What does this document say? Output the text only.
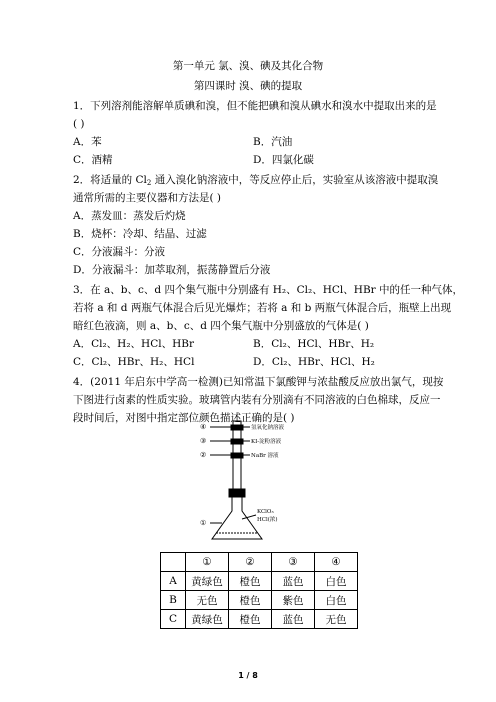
第一单元 氯、溴、碘及其化合物
第四课时 溴、碘的提取
1．下列溶剂能溶解单质碘和溴，但不能把碘和溴从碘水和溴水中提取出来的是
( )
A．苯	B．汽油
C．酒精	D．四氯化碳
2．将适量的 $Cl_2$ 通入溴化钠溶液中，等反应停止后，实验室从该溶液中提取溴
通常所需的主要仪器和方法是( )
A．蒸发皿：蒸发后灼烧
B．烧杯：冷却、结晶、过滤
C．分液漏斗：分液
D．分液漏斗：加萃取剂，振荡静置后分液
3．在 a、b、c、d 四个集气瓶中分别盛有 H₂、Cl₂、HCl、HBr 中的任一种气体，
若将 a 和 d 两瓶气体混合后见光爆炸；若将 a 和 b 两瓶气体混合后，瓶壁上出现
暗红色液滴，则 a、b、c、d 四个集气瓶中分别盛放的气体是( )
A．Cl₂、H₂、HCl、HBr	B．Cl₂、HCl、HBr、H₂
C．Cl₂、HBr、H₂、HCl	D．Cl₂、HBr、HCl、H₂
4．(2011 年启东中学高一检测)已知常温下氯酸钾与浓盐酸反应放出氯气，现按
下图进行卤素的性质实验。玻璃管内装有分别滴有不同溶液的白色棉球，反应一
段时间后，对图中指定部位颜色描述正确的是( )
④
③
②
①
氢氧化钠溶液
KI-淀粉溶液
NaBr 溶液
KClO₃
HCl(浓)
	①	②	③	④
A	黄绿色	橙色	蓝色	白色
B	无色	橙色	紫色	白色
C	黄绿色	橙色	蓝色	无色
1 / 8
